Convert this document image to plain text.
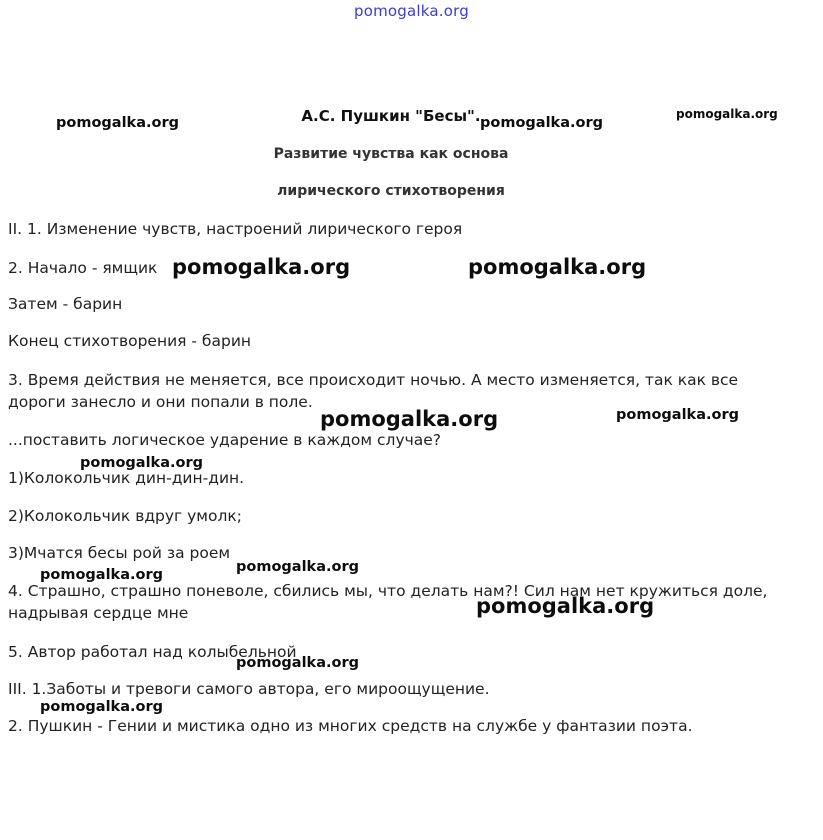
pomogalka.org
А.С. Пушкин "Бесы".
Развитие чувства как основа
лирического стихотворения
II. 1. Изменение чувств, настроений лирического героя
2. Начало - ямщик
Затем - барин
Конец стихотворения - барин
3. Время действия не меняется, все происходит ночью. А место изменяется, так как все дороги занесло и они попали в поле.
...поставить логическое ударение в каждом случае?
1)Колокольчик дин-дин-дин.
2)Колокольчик вдруг умолк;
3)Мчатся бесы рой за роем
4. Страшно, страшно поневоле, сбились мы, что делать нам?! Сил нам нет кружиться доле, надрывая сердце мне
5. Автор работал над колыбельной
III. 1.Заботы и тревоги самого автора, его мироощущение.
2. Пушкин - Гении и мистика одно из многих средств на службе у фантазии поэта.
pomogalka.org	pomogalka.org
pomogalka.org
pomogalka.org	pomogalka.org
pomogalka.org	pomogalka.org
pomogalka.org
pomogalka.org
pomogalka.org
pomogalka.org
pomogalka.org
pomogalka.org
